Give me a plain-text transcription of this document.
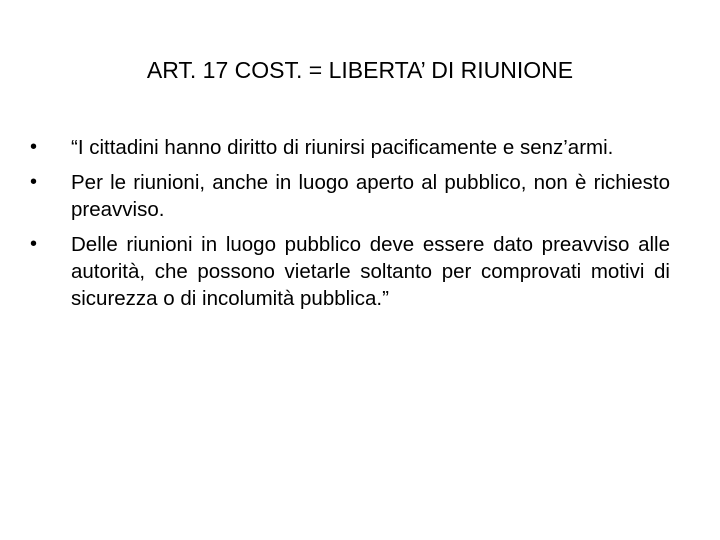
ART. 17 COST. = LIBERTA’ DI RIUNIONE
•	“I cittadini hanno diritto di riunirsi pacificamente e senz’armi.
•	Per le riunioni, anche in luogo aperto al pubblico, non è richiesto preavviso.
•	Delle riunioni in luogo pubblico deve essere dato preavviso alle autorità, che possono vietarle soltanto per comprovati motivi di sicurezza o di incolumità pubblica.”
